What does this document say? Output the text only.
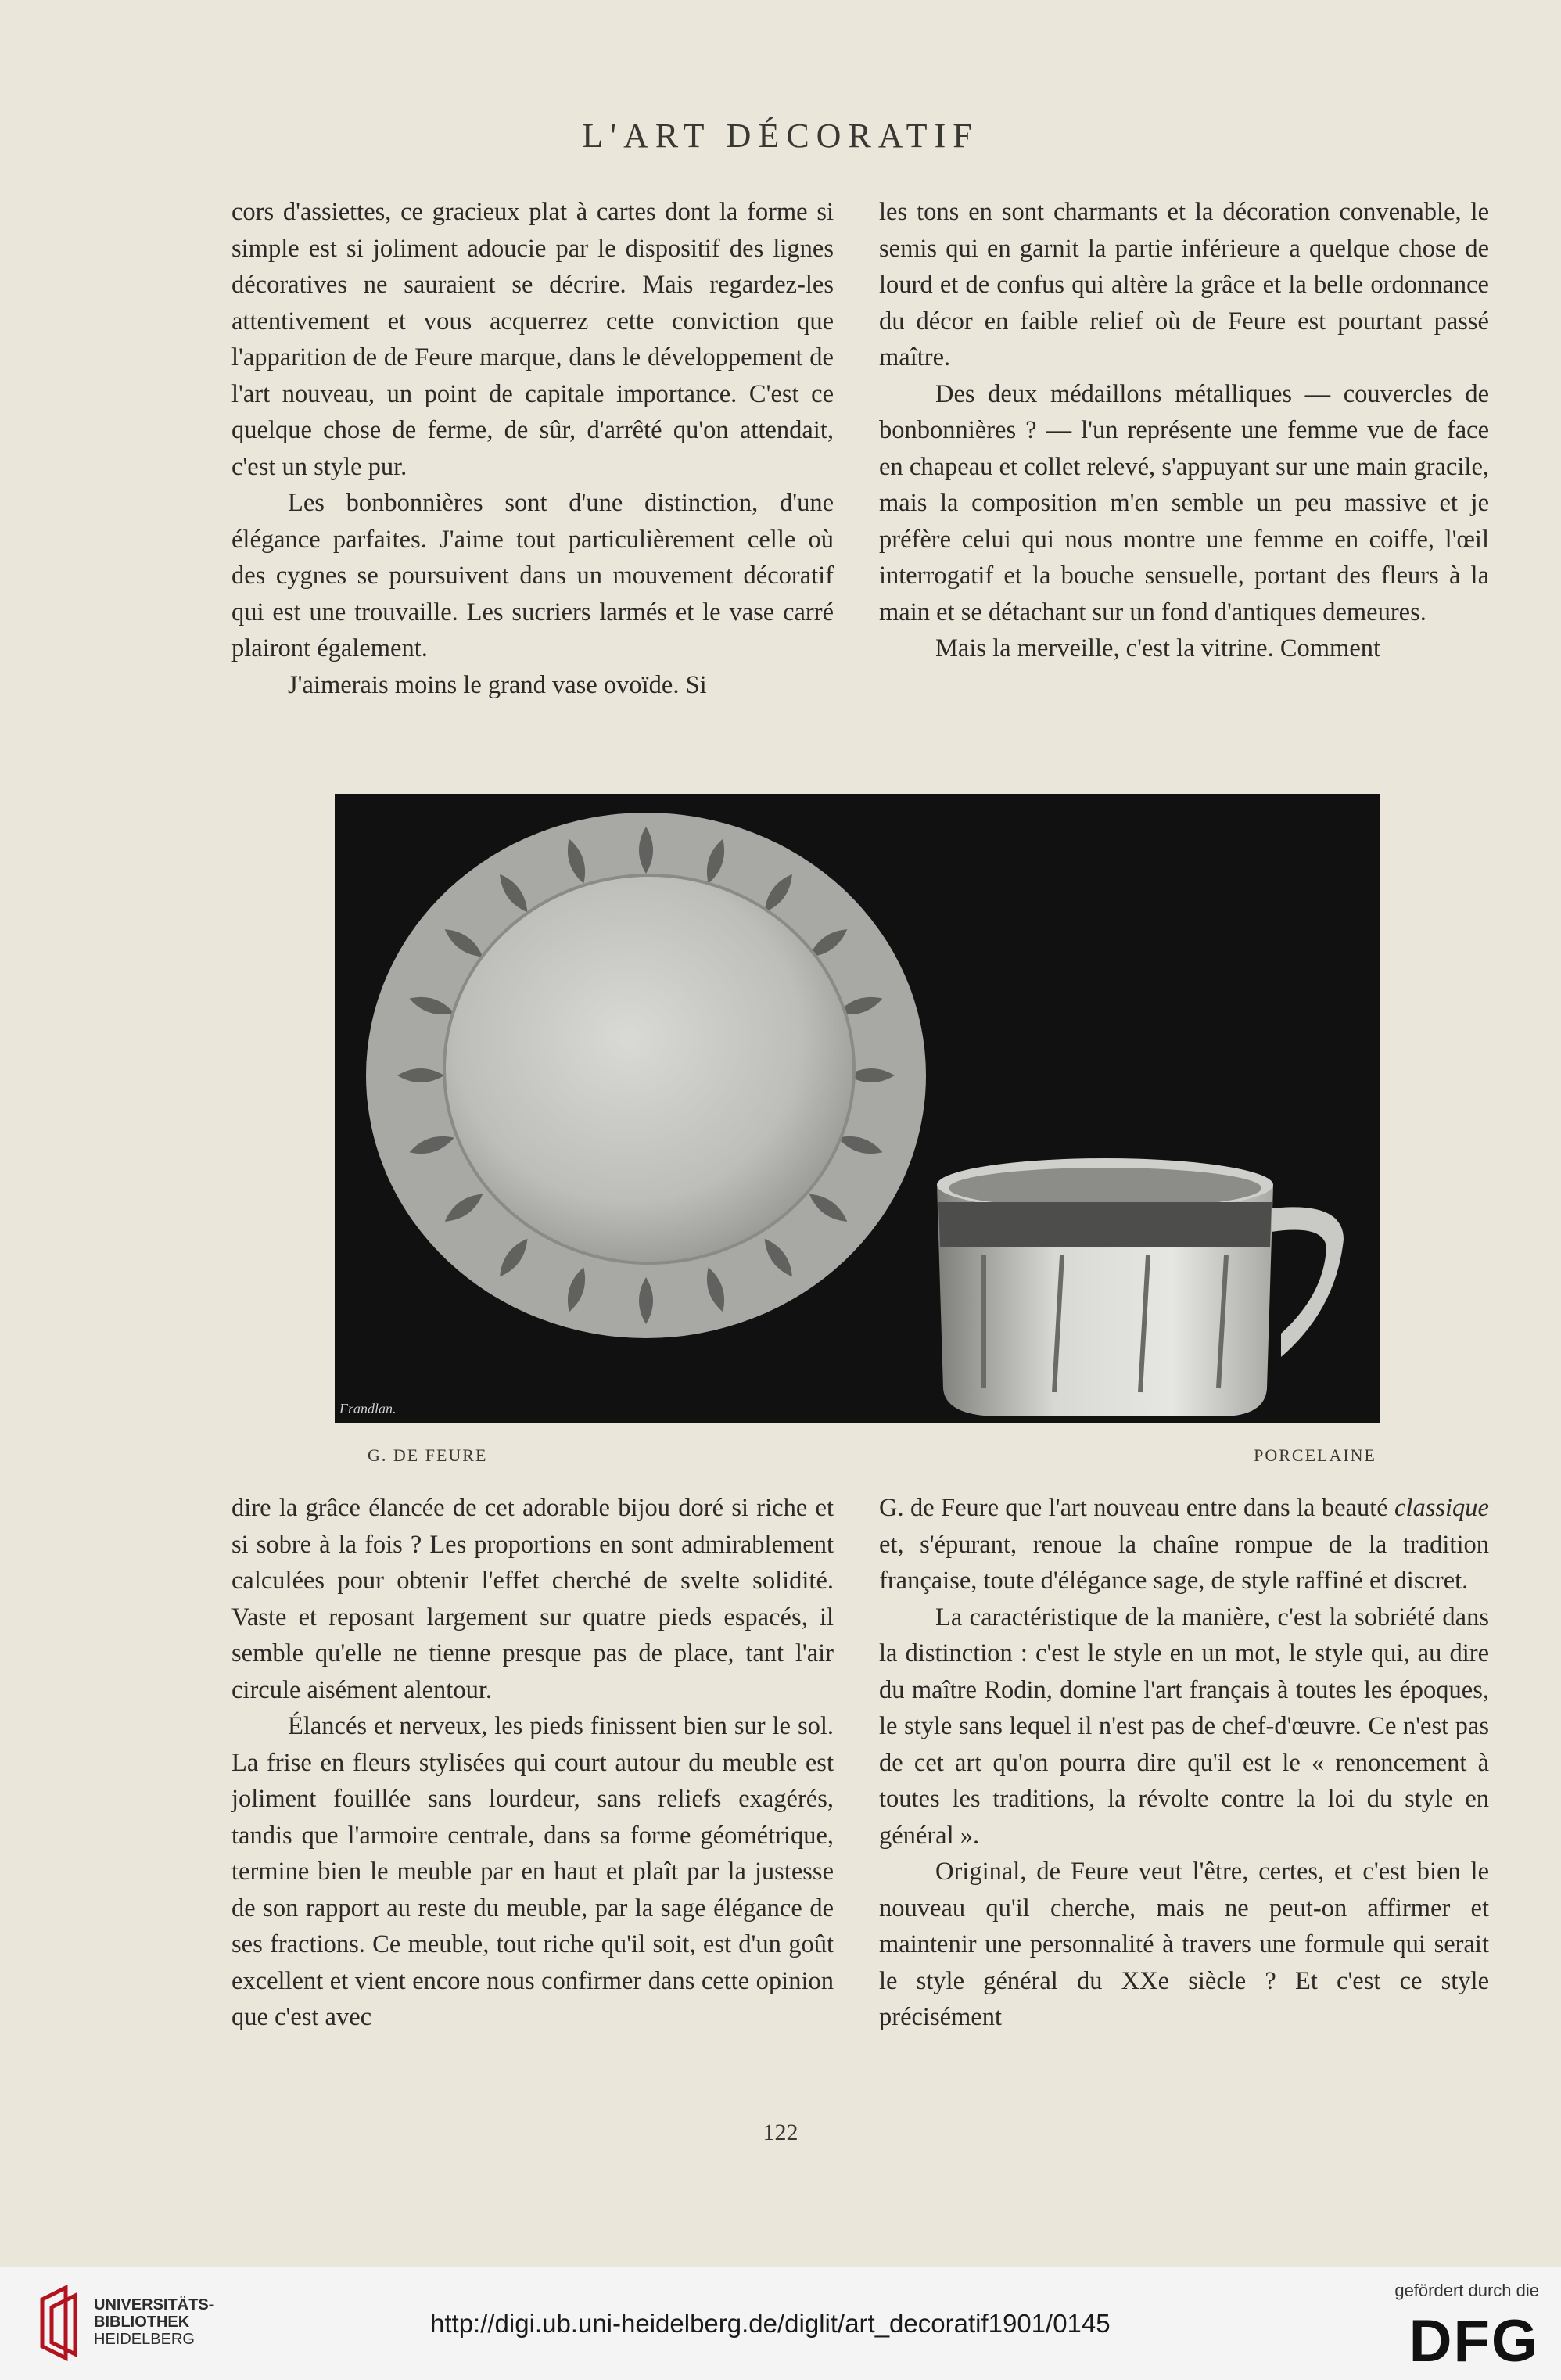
L'ART DÉCORATIF

cors d'assiettes, ce gracieux plat à cartes dont la forme si simple est si joliment adoucie par le dispositif des lignes décoratives ne sauraient se décrire. Mais regardez-les attentivement et vous acquerrez cette conviction que l'apparition de de Feure marque, dans le développement de l'art nouveau, un point de capitale importance. C'est ce quelque chose de ferme, de sûr, d'arrêté qu'on attendait, c'est un style pur.

Les bonbonnières sont d'une distinction, d'une élégance parfaites. J'aime tout particulièrement celle où des cygnes se poursuivent dans un mouvement décoratif qui est une trouvaille. Les sucriers larmés et le vase carré plairont également.

J'aimerais moins le grand vase ovoïde. Si

les tons en sont charmants et la décoration convenable, le semis qui en garnit la partie inférieure a quelque chose de lourd et de confus qui altère la grâce et la belle ordonnance du décor en faible relief où de Feure est pourtant passé maître.

Des deux médaillons métalliques — couvercles de bonbonnières ? — l'un représente une femme vue de face en chapeau et collet relevé, s'appuyant sur une main gracile, mais la composition m'en semble un peu massive et je préfère celui qui nous montre une femme en coiffe, l'œil interrogatif et la bouche sensuelle, portant des fleurs à la main et se détachant sur un fond d'antiques demeures.

Mais la merveille, c'est la vitrine. Comment

Frandlan.
G. DE FEURE	PORCELAINE

dire la grâce élancée de cet adorable bijou doré si riche et si sobre à la fois ? Les proportions en sont admirablement calculées pour obtenir l'effet cherché de svelte solidité. Vaste et reposant largement sur quatre pieds espacés, il semble qu'elle ne tienne presque pas de place, tant l'air circule aisément alentour.

Élancés et nerveux, les pieds finissent bien sur le sol. La frise en fleurs stylisées qui court autour du meuble est joliment fouillée sans lourdeur, sans reliefs exagérés, tandis que l'armoire centrale, dans sa forme géométrique, termine bien le meuble par en haut et plaît par la justesse de son rapport au reste du meuble, par la sage élégance de ses fractions. Ce meuble, tout riche qu'il soit, est d'un goût excellent et vient encore nous confirmer dans cette opinion que c'est avec

G. de Feure que l'art nouveau entre dans la beauté classique et, s'épurant, renoue la chaîne rompue de la tradition française, toute d'élégance sage, de style raffiné et discret.

La caractéristique de la manière, c'est la sobriété dans la distinction : c'est le style en un mot, le style qui, au dire du maître Rodin, domine l'art français à toutes les époques, le style sans lequel il n'est pas de chef-d'œuvre. Ce n'est pas de cet art qu'on pourra dire qu'il est le « renoncement à toutes les traditions, la révolte contre la loi du style en général ».

Original, de Feure veut l'être, certes, et c'est bien le nouveau qu'il cherche, mais ne peut-on affirmer et maintenir une personnalité à travers une formule qui serait le style général du XXe siècle ? Et c'est ce style précisément

122
UNIVERSITÄTS-
BIBLIOTHEK
HEIDELBERG
http://digi.ub.uni-heidelberg.de/diglit/art_decoratif1901/0145
gefördert durch die
DFG
